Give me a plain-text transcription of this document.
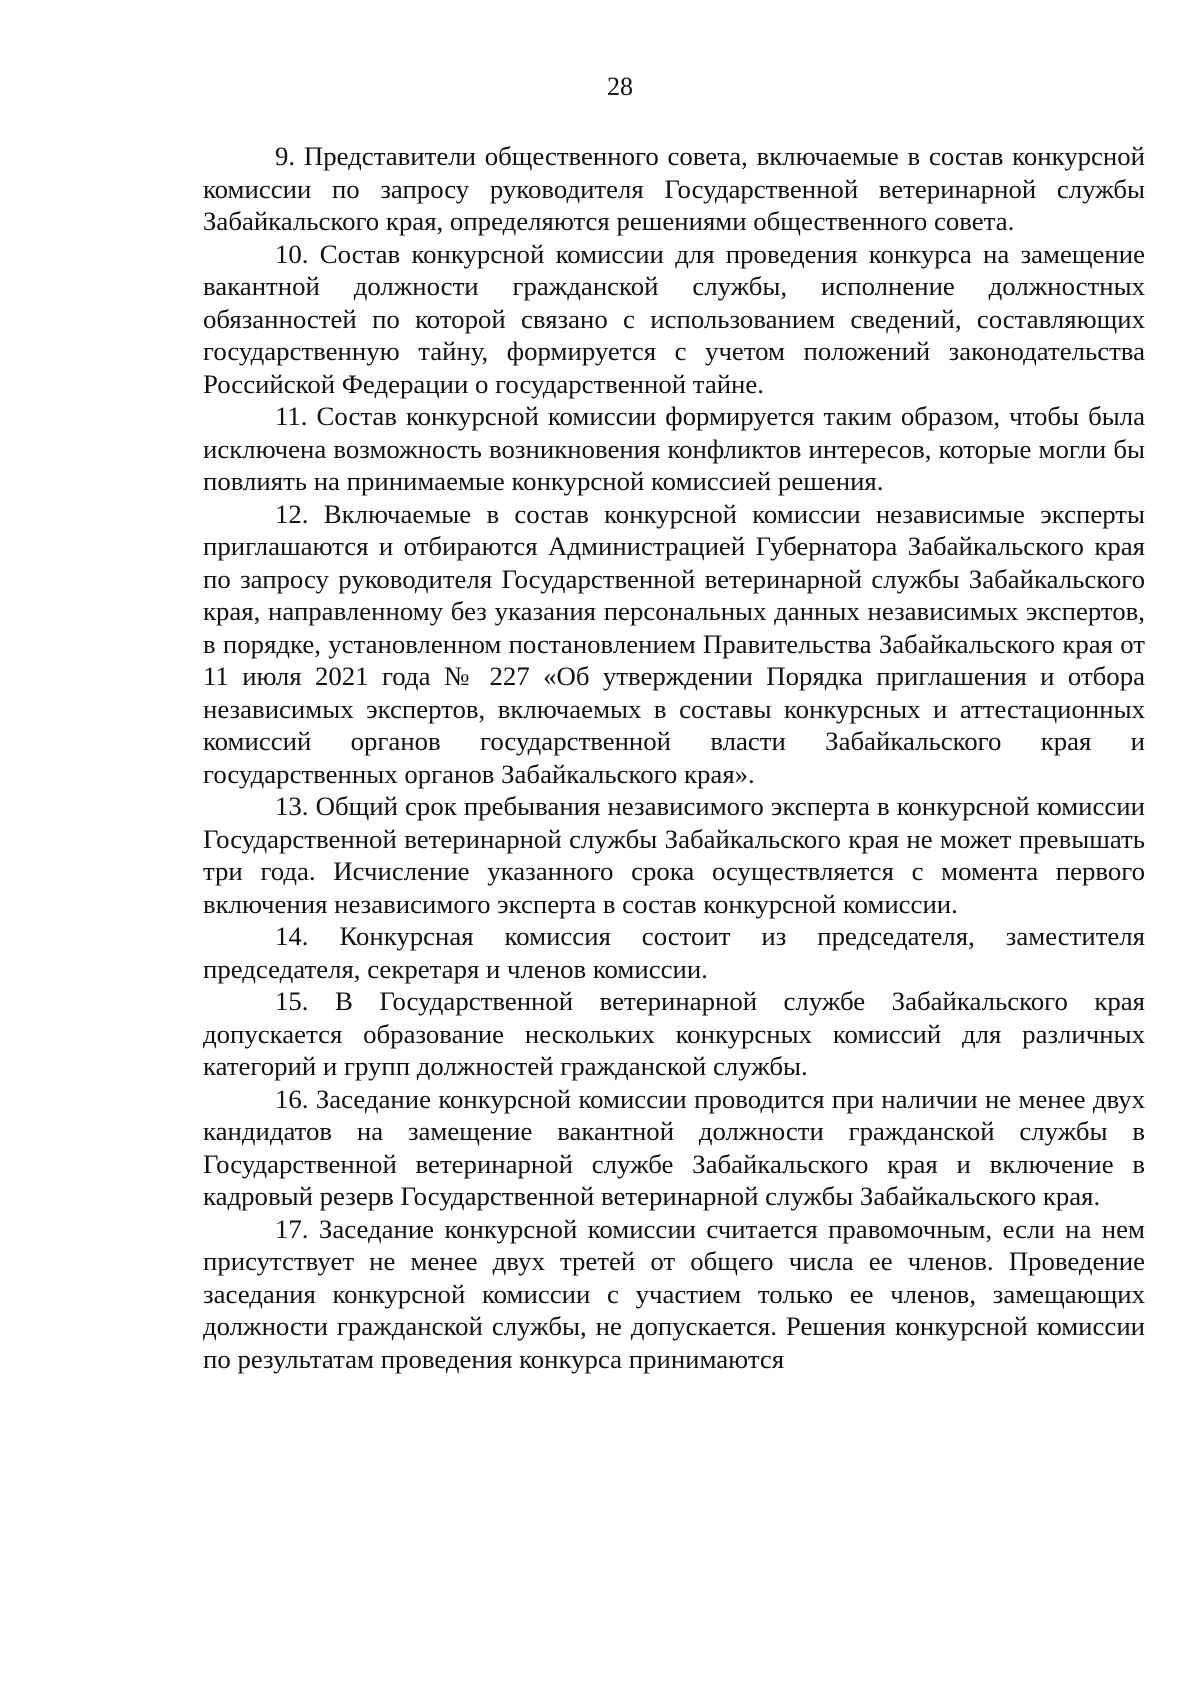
28

9. Представители общественного совета, включаемые в состав конкурсной комиссии по запросу руководителя Государственной ветеринарной службы Забайкальского края, определяются решениями общественного совета.

10. Состав конкурсной комиссии для проведения конкурса на замещение вакантной должности гражданской службы, исполнение должностных обязанностей по которой связано с использованием сведений, составляющих государственную тайну, формируется с учетом положений законодательства Российской Федерации о государственной тайне.

11. Состав конкурсной комиссии формируется таким образом, чтобы была исключена возможность возникновения конфликтов интересов, которые могли бы повлиять на принимаемые конкурсной комиссией решения.

12. Включаемые в состав конкурсной комиссии независимые эксперты приглашаются и отбираются Администрацией Губернатора Забайкальского края по запросу руководителя Государственной ветеринарной службы Забайкальского края, направленному без указания персональных данных независимых экспертов, в порядке, установленном постановлением Правительства Забайкальского края от 11 июля 2021 года № 227 «Об утверждении Порядка приглашения и отбора независимых экспертов, включаемых в составы конкурсных и аттестационных комиссий органов государственной власти Забайкальского края и государственных органов Забайкальского края».

13. Общий срок пребывания независимого эксперта в конкурсной комиссии Государственной ветеринарной службы Забайкальского края не может превышать три года. Исчисление указанного срока осуществляется с момента первого включения независимого эксперта в состав конкурсной комиссии.

14. Конкурсная комиссия состоит из председателя, заместителя председателя, секретаря и членов комиссии.

15. В Государственной ветеринарной службе Забайкальского края допускается образование нескольких конкурсных комиссий для различных категорий и групп должностей гражданской службы.

16. Заседание конкурсной комиссии проводится при наличии не менее двух кандидатов на замещение вакантной должности гражданской службы в Государственной ветеринарной службе Забайкальского края и включение в кадровый резерв Государственной ветеринарной службы Забайкальского края.

17. Заседание конкурсной комиссии считается правомочным, если на нем присутствует не менее двух третей от общего числа ее членов. Проведение заседания конкурсной комиссии с участием только ее членов, замещающих должности гражданской службы, не допускается. Решения конкурсной комиссии по результатам проведения конкурса принимаются
